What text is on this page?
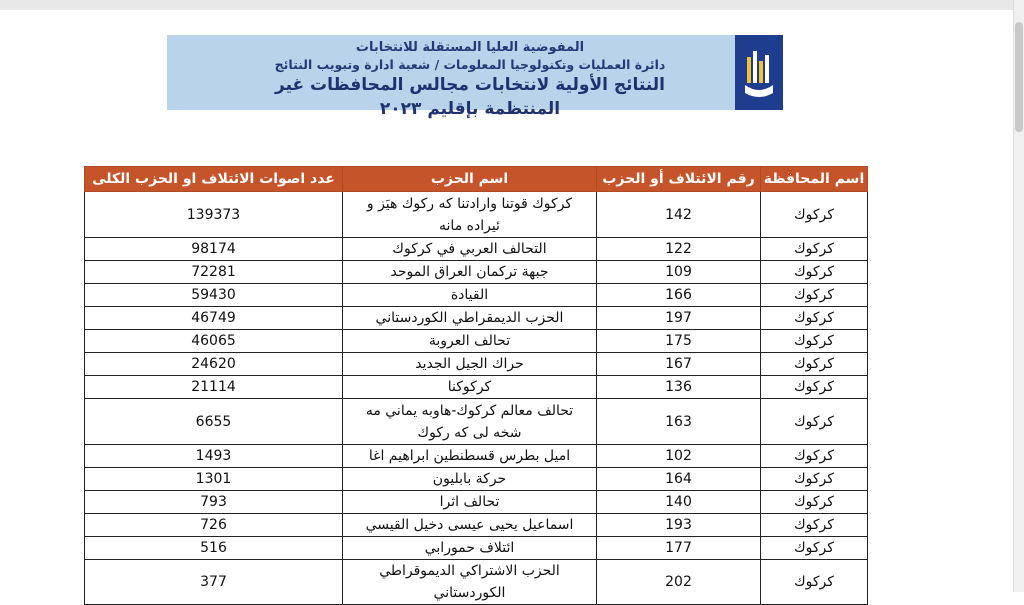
المفوضية العليا المستقلة للانتخابات
دائرة العمليات وتكنولوجيا المعلومات / شعبة ادارة وتبويب النتائج
النتائج الأولية لانتخابات مجالس المحافظات غير المنتظمة بإقليم ٢٠٢٣
اسم المحافظة	رقم الائتلاف أو الحزب	اسم الحزب	عدد اصوات الائتلاف او الحزب الكلى
كركوك	142	كركوك قوتنا وارادتنا كه ركوك هيَز و ئيراده مانه	139373
كركوك	122	التحالف العربي في كركوك	98174
كركوك	109	جبهة تركمان العراق الموحد	72281
كركوك	166	القيادة	59430
كركوك	197	الحزب الديمقراطي الكوردستاني	46749
كركوك	175	تحالف العروبة	46065
كركوك	167	حراك الجيل الجديد	24620
كركوك	136	كركوكنا	21114
كركوك	163	تحالف معالم كركوك-هاوبه يماني مه شخه لى كه ركوك	6655
كركوك	102	اميل بطرس قسطنطين ابراهيم اغا	1493
كركوك	164	حركة بابليون	1301
كركوك	140	تحالف اثرا	793
كركوك	193	اسماعيل يحيى عيسى دخيل القيسي	726
كركوك	177	ائتلاف حمورابي	516
كركوك	202	الحزب الاشتراكي الديموقراطي الكوردستاني	377
